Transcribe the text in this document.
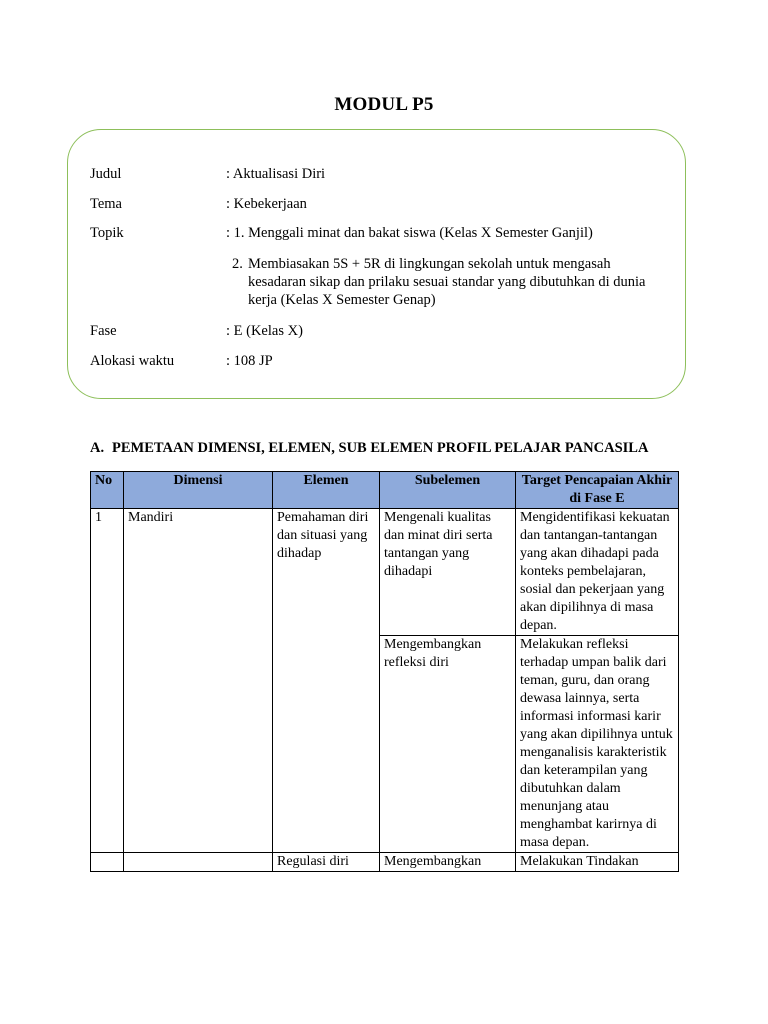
MODUL P5
Judul	: Aktualisasi Diri
Tema	: Kebekerjaan
Topik	: 1. Menggali minat dan bakat siswa (Kelas X Semester Ganjil)
2. Membiasakan 5S + 5R di lingkungan sekolah untuk mengasah kesadaran sikap dan prilaku sesuai standar yang dibutuhkan di dunia kerja (Kelas X Semester Genap)
Fase	: E (Kelas X)
Alokasi waktu	: 108 JP
A. PEMETAAN DIMENSI, ELEMEN, SUB ELEMEN PROFIL PELAJAR PANCASILA
No	Dimensi	Elemen	Subelemen	Target Pencapaian Akhir di Fase E
1	Mandiri	Pemahaman diri dan situasi yang dihadap	Mengenali kualitas dan minat diri serta tantangan yang dihadapi	Mengidentifikasi kekuatan dan tantangan-tantangan yang akan dihadapi pada konteks pembelajaran, sosial dan pekerjaan yang akan dipilihnya di masa depan.
			Mengembangkan refleksi diri	Melakukan refleksi terhadap umpan balik dari teman, guru, dan orang dewasa lainnya, serta informasi informasi karir yang akan dipilihnya untuk menganalisis karakteristik dan keterampilan yang dibutuhkan dalam menunjang atau menghambat karirnya di masa depan.
		Regulasi diri	Mengembangkan	Melakukan Tindakan
